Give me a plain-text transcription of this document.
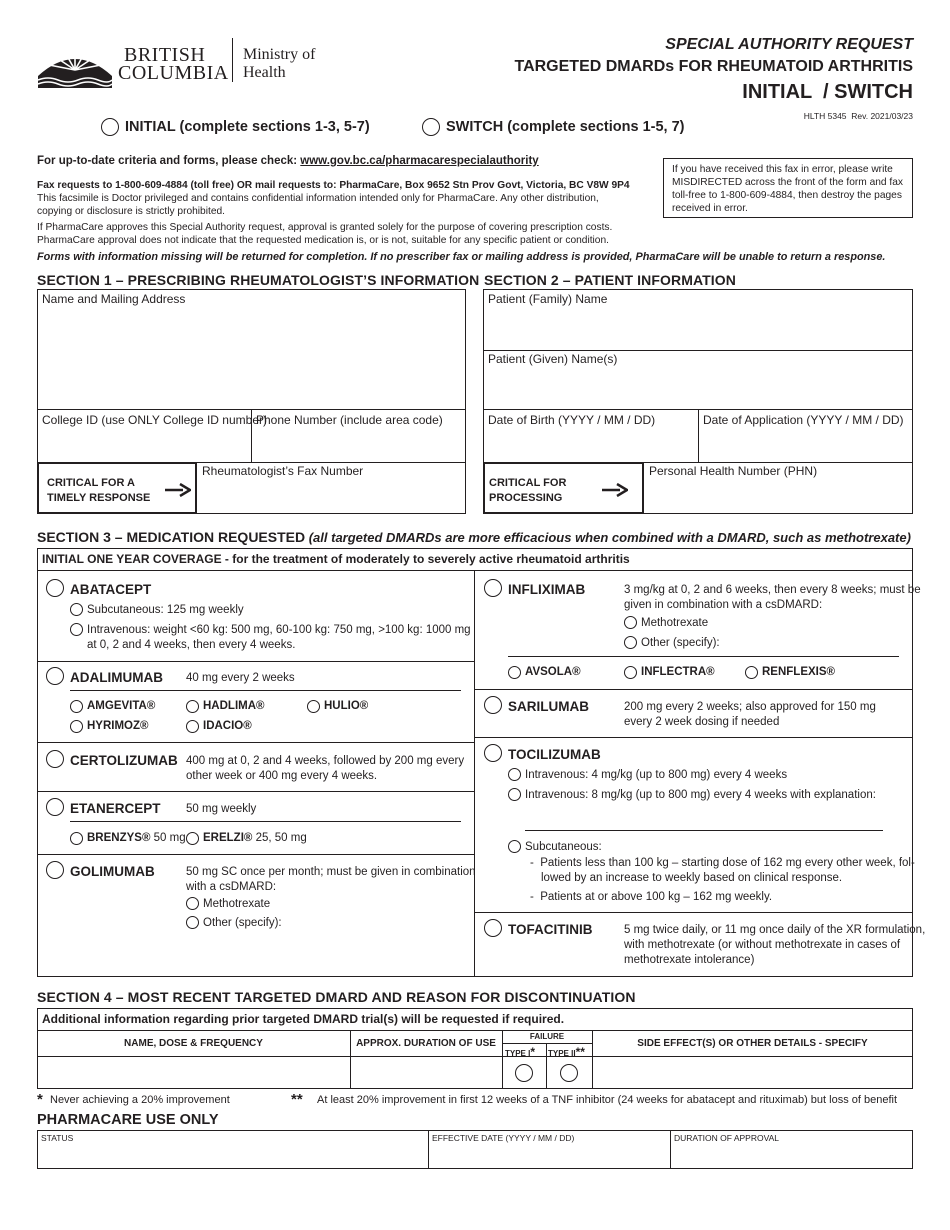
BRITISH
COLUMBIA
Ministry of
Health
SPECIAL AUTHORITY REQUEST
TARGETED DMARDs FOR RHEUMATOID ARTHRITIS
INITIAL  / SWITCH
HLTH 5345  Rev. 2021/03/23
INITIAL (complete sections 1-3, 5-7)	SWITCH (complete sections 1-5, 7)
For up-to-date criteria and forms, please check: www.gov.bc.ca/pharmacarespecialauthority
Fax requests to 1-800-609-4884 (toll free) OR mail requests to: PharmaCare, Box 9652 Stn Prov Govt, Victoria, BC V8W 9P4
This facsimile is Doctor privileged and contains confidential information intended only for PharmaCare. Any other distribution,
copying or disclosure is strictly prohibited.
If PharmaCare approves this Special Authority request, approval is granted solely for the purpose of covering prescription costs.
PharmaCare approval does not indicate that the requested medication is, or is not, suitable for any specific patient or condition.
Forms with information missing will be returned for completion. If no prescriber fax or mailing address is provided, PharmaCare will be unable to return a response.
If you have received this fax in error, please write
MISDIRECTED across the front of the form and fax
toll-free to 1-800-609-4884, then destroy the pages
received in error.
SECTION 1 – PRESCRIBING RHEUMATOLOGIST’S INFORMATION
Name and Mailing Address
College ID (use ONLY College ID number)
Phone Number (include area code)
CRITICAL FOR A
TIMELY RESPONSE
Rheumatologist’s Fax Number
SECTION 2 – PATIENT INFORMATION
Patient (Family) Name
Patient (Given) Name(s)
Date of Birth (YYYY / MM / DD)	Date of Application (YYYY / MM / DD)
CRITICAL FOR
PROCESSING
Personal Health Number (PHN)
SECTION 3 – MEDICATION REQUESTED (all targeted DMARDs are more efficacious when combined with a DMARD, such as methotrexate)
INITIAL ONE YEAR COVERAGE - for the treatment of moderately to severely active rheumatoid arthritis
ABATACEPT
Subcutaneous: 125 mg weekly
Intravenous: weight <60 kg: 500 mg, 60-100 kg: 750 mg, >100 kg: 1000 mg
at 0, 2 and 4 weeks, then every 4 weeks.
ADALIMUMAB 40 mg every 2 weeks
AMGEVITA®	HADLIMA®	HULIO®
HYRIMOZ®	IDACIO®
CERTOLIZUMAB 400 mg at 0, 2 and 4 weeks, followed by 200 mg every
other week or 400 mg every 4 weeks.
ETANERCEPT 50 mg weekly
BRENZYS® 50 mg ERELZI® 25, 50 mg
GOLIMUMAB	50 mg SC once per month; must be given in combination
with a csDMARD:
Methotrexate
Other (specify):
INFLIXIMAB	3 mg/kg at 0, 2 and 6 weeks, then every 8 weeks; must be
given in combination with a csDMARD:
Methotrexate
Other (specify):
AVSOLA®	INFLECTRA®	RENFLEXIS®
SARILUMAB	200 mg every 2 weeks; also approved for 150 mg
every 2 week dosing if needed
TOCILIZUMAB
Intravenous: 4 mg/kg (up to 800 mg) every 4 weeks
Intravenous: 8 mg/kg (up to 800 mg) every 4 weeks with explanation:
Subcutaneous:
-  Patients less than 100 kg – starting dose of 162 mg every other week, fol-
lowed by an increase to weekly based on clinical response.
-  Patients at or above 100 kg – 162 mg weekly.
TOFACITINIB	5 mg twice daily, or 11 mg once daily of the XR formulation,
with methotrexate (or without methotrexate in cases of
methotrexate intolerance)
SECTION 4 – MOST RECENT TARGETED DMARD AND REASON FOR DISCONTINUATION
Additional information regarding prior targeted DMARD trial(s) will be requested if required.
NAME, DOSE & FREQUENCY	APPROX. DURATION OF USE
FAILURE
TYPE I* TYPE II**
SIDE EFFECT(S) OR OTHER DETAILS - SPECIFY
* Never achieving a 20% improvement	** At least 20% improvement in first 12 weeks of a TNF inhibitor (24 weeks for abatacept and rituximab) but loss of benefit
PHARMACARE USE ONLY
STATUS	EFFECTIVE DATE (YYYY / MM / DD)	DURATION OF APPROVAL
